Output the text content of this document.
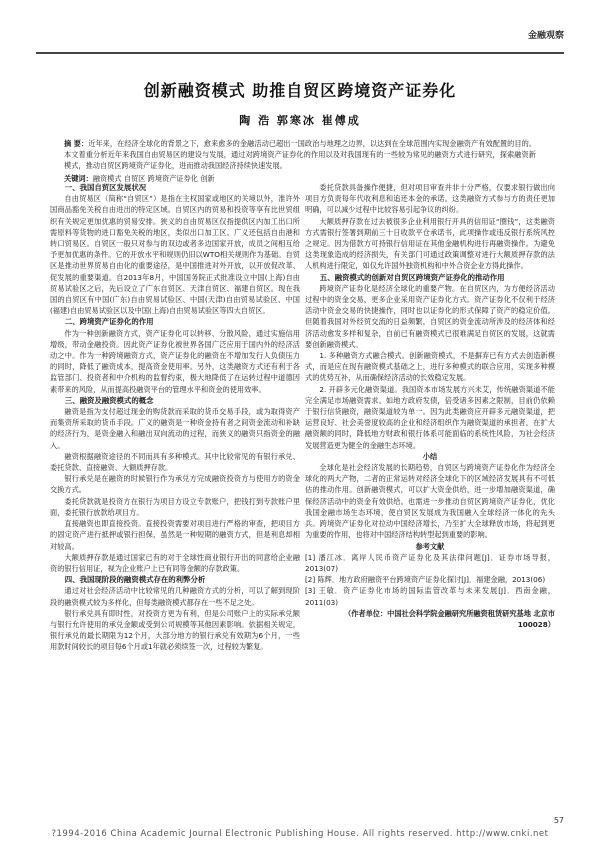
金融观察
创新融资模式 助推自贸区跨境资产证券化
陶 浩 郭寒冰 崔傅成
摘 要：近年来，在经济全球化的背景之下，愈来愈多的金融活动已超出一国政治与地理之边界，以达到在全球范围内实现金融资产有效配置的目的。本文着重分析近年来我国自由贸易区的建设与发展，通过对跨境资产证券化的作用以及对我国现有的一些较为常见的融资方式进行研究，探索融资新模式，推动自贸区跨境资产证券化，进而推动我国经济持续快速发展。
关键词：融资模式 自贸区 跨境资产证券化 创新
一、我国自贸区发展状况

自由贸易区（简称“自贸区”）是指在主权国家或地区的关境以外，准许外国商品豁免关税自由进出的特定区域。自贸区内的贸易和投资等享有比世贸组织有关规定更加优惠的贸易安排。狭义的自由贸易区仅指提供区内加工出口所需原料等货物的进口豁免关税的地区，类似出口加工区。广义还包括自由港和转口贸易区。自贸区一般只对参与的双边或者多边国家开放，成员之间相互给予更加优惠的条件。它的开放水平和规则仍旧以WTO相关规则作为基础。自贸区是推动世界贸易自由化的重要途径，是中国推进对外开放，以开放促改革、促发展的重要渠道。自2013年8月，中国国务院正式批准设立中国(上海)自由贸易试验区之后，先后设立了广东自贸区、天津自贸区、福建自贸区。现在我国的自贸区有中国(广东)自由贸易试验区、中国(天津)自由贸易试验区、中国(福建)自由贸易试验区以及中国(上海)自由贸易试验区等四大自贸区。

二、跨境资产证券化的作用

作为一种创新融资方式，资产证券化可以转移、分散风险，通过实施信用增级，带动金融投资。因此资产证券化被世界各国广泛应用于国内外的经济活动之中。作为一种跨境融资方式，资产证券化的融资在不增加发行人负债压力的同时，降低了融资成本，提高资金使用率。另外，这类融资方式还有利于各监管部门、投资者和中介机构的监督约束，极大地降低了在运转过程中道德因素带来的风险，从而提高投融资平台的管理水平和资金的使用效率。

三、融资及融资模式的概念

融资是指为支付超过现金的购货款而采取的货币交易手段，或为取得资产而集资所采取的货币手段。广义的融资是一种资金持有者之间资金流动和补缺的经济行为，是资金融入和融出双向流动的过程，而狭义的融资只指资金的融入。

融资根据融资途径的不同而具有多种模式。其中比较常见的有银行承兑、委托贷款、直接融资、大额质押存款。

银行承兑是在融资的时候银行作为承兑方完成融资投资方与使用方的资金交换方式。

委托贷款就是投资方在银行为项目方设立专款账户，把钱打到专款账户里面，委托银行放款给项目方。

直接融资也即直接投资。直接投资需要对项目进行严格的审查，把项目方的固定资产进行抵押或银行担保，虽然是一种短期的融资方式，但是利息却相对较高。

大额质押存款是通过国家已有的对于全球性商业银行开出的同意给企业融资的银行信用证，视为企业账户上已有同等金额的存款政策。

四、我国现阶段的融资模式存在的利弊分析

通过对社会经济活动中比较常见的几种融资方式的分析，可以了解到现阶段的融资模式较为多样化，但每类融资模式都存在一些不足之处。

银行承兑具有即时性，对投资方更为有利，但是公司账户上的实际承兑额与银行允许使用的承兑金额或受到公司规模等其他因素影响。依据相关规定，银行承兑的最长期限为12个月，大部分地方的银行承兑有效期为6个月，一些用款时间较长的项目每6个月或1年就必须续签一次，过程较为繁复。

委托贷款具备操作便捷，但对项目审查并非十分严格，仅要求银行做出向项目方负责每年代收利息和追还本金的承诺。这类融资方式参与方的责任更加明确，可以减少过程中比较容易引起争议的纠纷。

大额质押存款在过去被很多企业利用银行开具的信用证“圈钱”，这类融资方式需银行签署到期前三十日收款平仓承诺书，此项操作或违反银行系统风控之规定。因为借款方可持银行信用证在其他金融机构进行再融资操作。为避免这类现象造成的经济损失，有关部门可通过政策调整对进行大额质押存款的法人机构进行限定，如仅允许国外独资机构和中外合资企业方得此操作。

五、融资模式的创新对自贸区跨境资产证券化的推动作用

跨境资产证券化是经济全球化的重要产物。在自贸区内，为方便经济活动过程中的资金交易，更多企业采用资产证券化方式。资产证券化不仅利于经济活动中资金交易的快捷操作，同时也以证券化的形式保障了资产的稳定价值。但随着我国对外经贸交流的日益频繁，自贸区的资金流动所涉及的经济体和经济活动愈发多样和复杂，自前已有融资模式已很难满足自贸区的发展，这就需要创新融资模式。

1. 多种融资方式融合模式。创新融资模式，不是摒弃已有方式去创造新模式，而是应在现有融资模式基础之上，进行多种模式的联合应用，实现多种模式的优势互补，从而确保经济活动的长效稳定发展。

2. 开辟多元化融资渠道。我国资本市场发展方兴未艾，传统融资渠道不能完全满足市场融资需求。如地方政府发债，倍受诸多因素之限制，目前仍依赖于银行信贷融资，融资渠道较为单一。因为此类融资应开辟多元融资渠道，把运营良好、社会美誉度较高的企业和经济组织作为融资渠道的承担者，在扩大融资额的同时，降低地方财政和银行体系可能面临的系统性风险，为社会经济发展营造更为健全的金融生态环境。

小结

全球化是社会经济发展的长期趋势，自贸区与跨境资产证券化作为经济全球化的两大产物，二者的正常运转对经济全球化下的区域经济发展具有不可低估的推动作用。创新融资模式，可以扩大资金供给，进一步增加融资渠道，确保经济活动中的资金有效供给。也需进一步推动自贸区跨境资产证券化，优化我国金融市场生态环境，使自贸区发展成为我国融入全球经济一体化的先头兵。跨境资产证券化对拉动中国经济增长，乃至扩大全球释放市场，将起到更为重要的作用，也将对中国经济结构转型起到重要的影响。

参考文献

[1] 潘江冰．离岸人民币资产证券化及其法律问题[J]．证券市场导报，2013(07)

[2] 陈辉．地方政府融资平台跨境资产证券化探讨[J]．福建金融，2013(06)

[3] 王敏．资产证券化市场的国际监管改革与未来发展[J]．西南金融，2011(03)

（作者单位：中国社会科学院金融研究所融资租赁研究基地 北京市 100028）

57
?1994-2016 China Academic Journal Electronic Publishing House. All rights reserved. http://www.cnki.net
